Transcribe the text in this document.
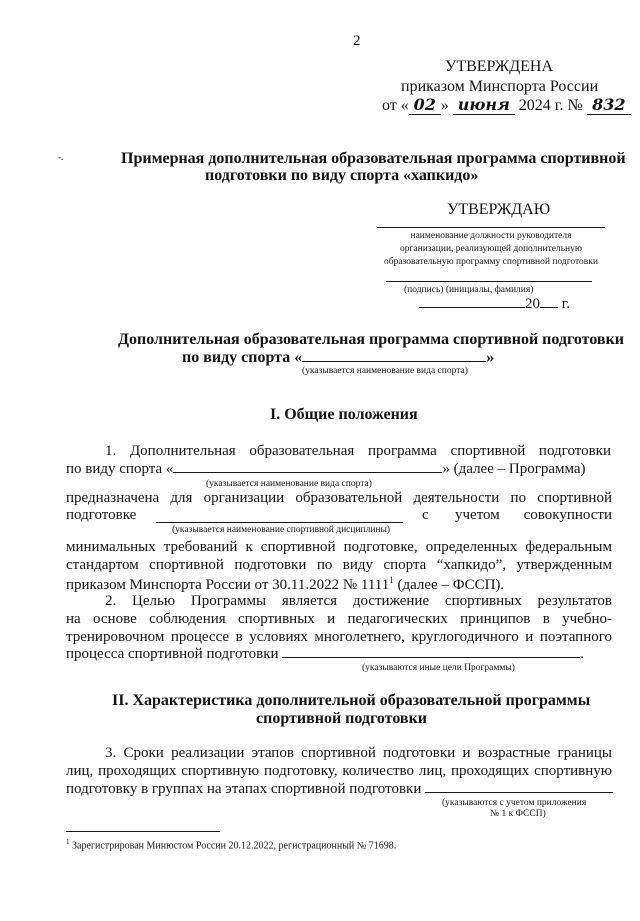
2
УТВЕРЖДЕНА
приказом Минспорта России
от « 02 » июня 2024 г. № 832
‑.	Примерная дополнительная образовательная программа спортивной
подготовки по виду спорта «хапкидо»
УТВЕРЖДАЮ
наименование должности руководителя
организации, реализующей дополнительную
образовательную программу спортивной подготовки
(подпись) (инициалы, фамилия)
20 г.
Дополнительная образовательная программа спортивной подготовки
по виду спорта «	»
(указывается наименование вида спорта)
I. Общие положения
1. Дополнительная образовательная программа спортивной подготовки
по виду спорта «	» (далее – Программа)
(указывается наименование вида спорта)
предназначена для организации образовательной деятельности по спортивной
подготовке	с учетом совокупности
(указывается наименование спортивной дисциплины)
минимальных требований к спортивной подготовке, определенных федеральным
стандартом спортивной подготовки по виду спорта “хапкидо”, утвержденным
приказом Минспорта России от 30.11.2022 № 1111$^1$ (далее – ФССП).
2. Целью Программы является достижение спортивных результатов
на основе соблюдения спортивных и педагогических принципов в учебно-
тренировочном процессе в условиях многолетнего, круглогодичного и поэтапного
процесса спортивной подготовки	.
(указываются иные цели Программы)
II. Характеристика дополнительной образовательной программы
спортивной подготовки
3. Сроки реализации этапов спортивной подготовки и возрастные границы
лиц, проходящих спортивную подготовку, количество лиц, проходящих спортивную
подготовку в группах на этапах спортивной подготовки
(указываются с учетом приложения
№ 1 к ФССП)
$^1$ Зарегистрирован Минюстом России 20.12.2022, регистрационный № 71698.
